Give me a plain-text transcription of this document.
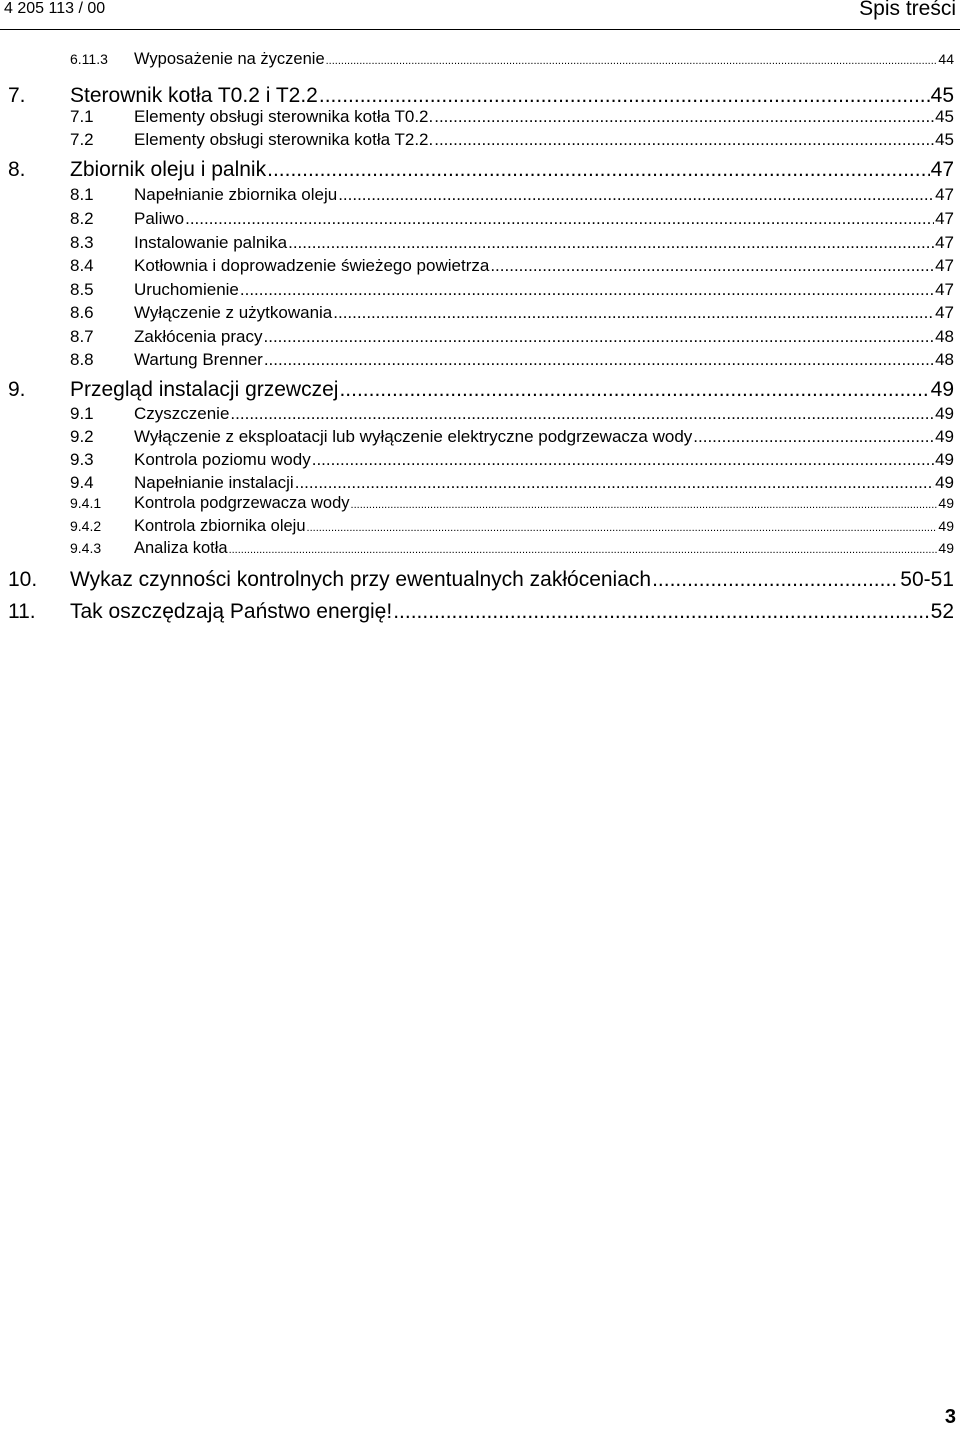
4 205 113 / 00	Spis treści
6.11.3	Wyposażenie na życzenie .....	44
7.	Sterownik kotła T0.2 i T2.2 .....	45
7.1	Elementy obsługi sterownika kotła T0.2. .....	45
7.2	Elementy obsługi sterownika kotła T2.2. .....	45
8.	Zbiornik oleju i palnik .....	47
8.1	Napełnianie zbiornika oleju .....	47
8.2	Paliwo .....	47
8.3	Instalowanie palnika .....	47
8.4	Kotłownia i doprowadzenie świeżego powietrza .....	47
8.5	Uruchomienie .....	47
8.6	Wyłączenie z użytkowania .....	47
8.7	Zakłócenia pracy .....	48
8.8	Wartung Brenner .....	48
9.	Przegląd instalacji grzewczej .....	49
9.1	Czyszczenie .....	49
9.2	Wyłączenie z eksploatacji lub wyłączenie elektryczne podgrzewacza wody .....	49
9.3	Kontrola poziomu wody .....	49
9.4	Napełnianie instalacji .....	49
9.4.1	Kontrola podgrzewacza wody .....	49
9.4.2	Kontrola zbiornika oleju .....	49
9.4.3	Analiza kotła .....	49
10.	Wykaz czynności kontrolnych przy ewentualnych zakłóceniach .....	50-51
11.	Tak oszczędzają Państwo energię! .....	52
3
